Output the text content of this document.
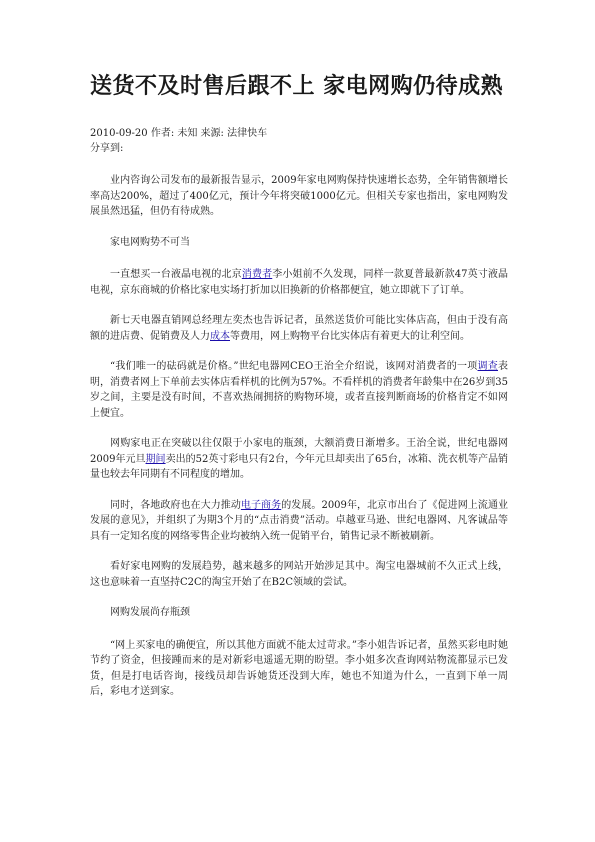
送货不及时售后跟不上 家电网购仍待成熟
2010-09-20 作者: 未知 来源: 法律快车
分享到:

业内咨询公司发布的最新报告显示，2009年家电网购保持快速增长态势，全年销售额增长率高达200%，超过了400亿元，预计今年将突破1000亿元。但相关专家也指出，家电网购发展虽然迅猛，但仍有待成熟。

家电网购势不可当

一直想买一台液晶电视的北京消费者李小姐前不久发现，同样一款夏普最新款47英寸液晶电视，京东商城的价格比家电实场打折加以旧换新的价格都便宜，她立即就下了订单。

新七天电器直销网总经理左奕杰也告诉记者，虽然送货价可能比实体店高，但由于没有高额的进店费、促销费及人力成本等费用，网上购物平台比实体店有着更大的让利空间。

“我们唯一的砝码就是价格。”世纪电器网CEO王治全介绍说，该网对消费者的一项调查表明，消费者网上下单前去实体店看样机的比例为57%。不看样机的消费者年龄集中在26岁到35岁之间，主要是没有时间，不喜欢热闹拥挤的购物环境，或者直接判断商场的价格肯定不如网上便宜。

网购家电正在突破以往仅限于小家电的瓶颈，大额消费日渐增多。王治全说，世纪电器网2009年元旦期间卖出的52英寸彩电只有2台，今年元旦却卖出了65台，冰箱、洗衣机等产品销量也较去年同期有不同程度的增加。

同时，各地政府也在大力推动电子商务的发展。2009年，北京市出台了《促进网上流通业发展的意见》，并组织了为期3个月的“点击消费”活动。卓越亚马逊、世纪电器网、凡客诚品等具有一定知名度的网络零售企业均被纳入统一促销平台，销售记录不断被刷新。

看好家电网购的发展趋势，越来越多的网站开始涉足其中。淘宝电器城前不久正式上线，这也意味着一直坚持C2C的淘宝开始了在B2C领域的尝试。

网购发展尚存瓶颈

“网上买家电的确便宜，所以其他方面就不能太过苛求。”李小姐告诉记者，虽然买彩电时她节约了资金，但接踵而来的是对新彩电遥遥无期的盼望。李小姐多次查询网站物流都显示已发货，但是打电话咨询，接线员却告诉她货还没到大库，她也不知道为什么，一直到下单一周后，彩电才送到家。
